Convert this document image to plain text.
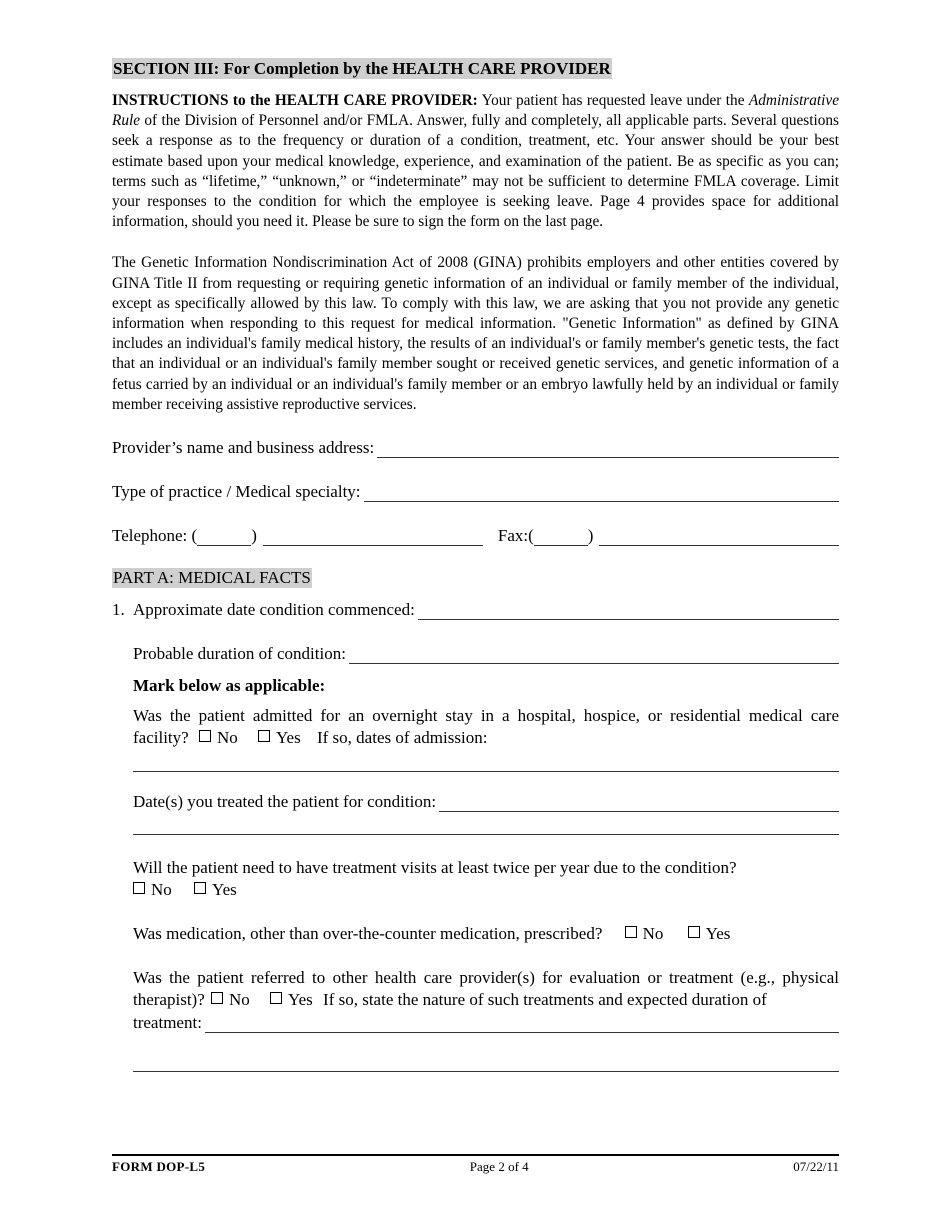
SECTION III: For Completion by the HEALTH CARE PROVIDER

INSTRUCTIONS to the HEALTH CARE PROVIDER: Your patient has requested leave under the Administrative Rule of the Division of Personnel and/or FMLA. Answer, fully and completely, all applicable parts. Several questions seek a response as to the frequency or duration of a condition, treatment, etc. Your answer should be your best estimate based upon your medical knowledge, experience, and examination of the patient. Be as specific as you can; terms such as “lifetime,” “unknown,” or “indeterminate” may not be sufficient to determine FMLA coverage. Limit your responses to the condition for which the employee is seeking leave. Page 4 provides space for additional information, should you need it. Please be sure to sign the form on the last page.

The Genetic Information Nondiscrimination Act of 2008 (GINA) prohibits employers and other entities covered by GINA Title II from requesting or requiring genetic information of an individual or family member of the individual, except as specifically allowed by this law. To comply with this law, we are asking that you not provide any genetic information when responding to this request for medical information. "Genetic Information" as defined by GINA includes an individual's family medical history, the results of an individual's or family member's genetic tests, the fact that an individual or an individual's family member sought or received genetic services, and genetic information of a fetus carried by an individual or an individual's family member or an embryo lawfully held by an individual or family member receiving assistive reproductive services.

Provider’s name and business address:
Type of practice / Medical specialty:
Telephone: (	)	Fax:(	)
PART A: MEDICAL FACTS
1. Approximate date condition commenced:
Probable duration of condition:
Mark below as applicable:
Was the patient admitted for an overnight stay in a hospital, hospice, or residential medical care facility? No Yes If so, dates of admission:
Date(s) you treated the patient for condition:
Will the patient need to have treatment visits at least twice per year due to the condition?
No Yes
Was medication, other than over-the-counter medication, prescribed? No Yes
Was the patient referred to other health care provider(s) for evaluation or treatment (e.g., physical therapist)? No Yes If so, state the nature of such treatments and expected duration of
treatment:
FORM DOP-L5	Page 2 of 4	07/22/11
